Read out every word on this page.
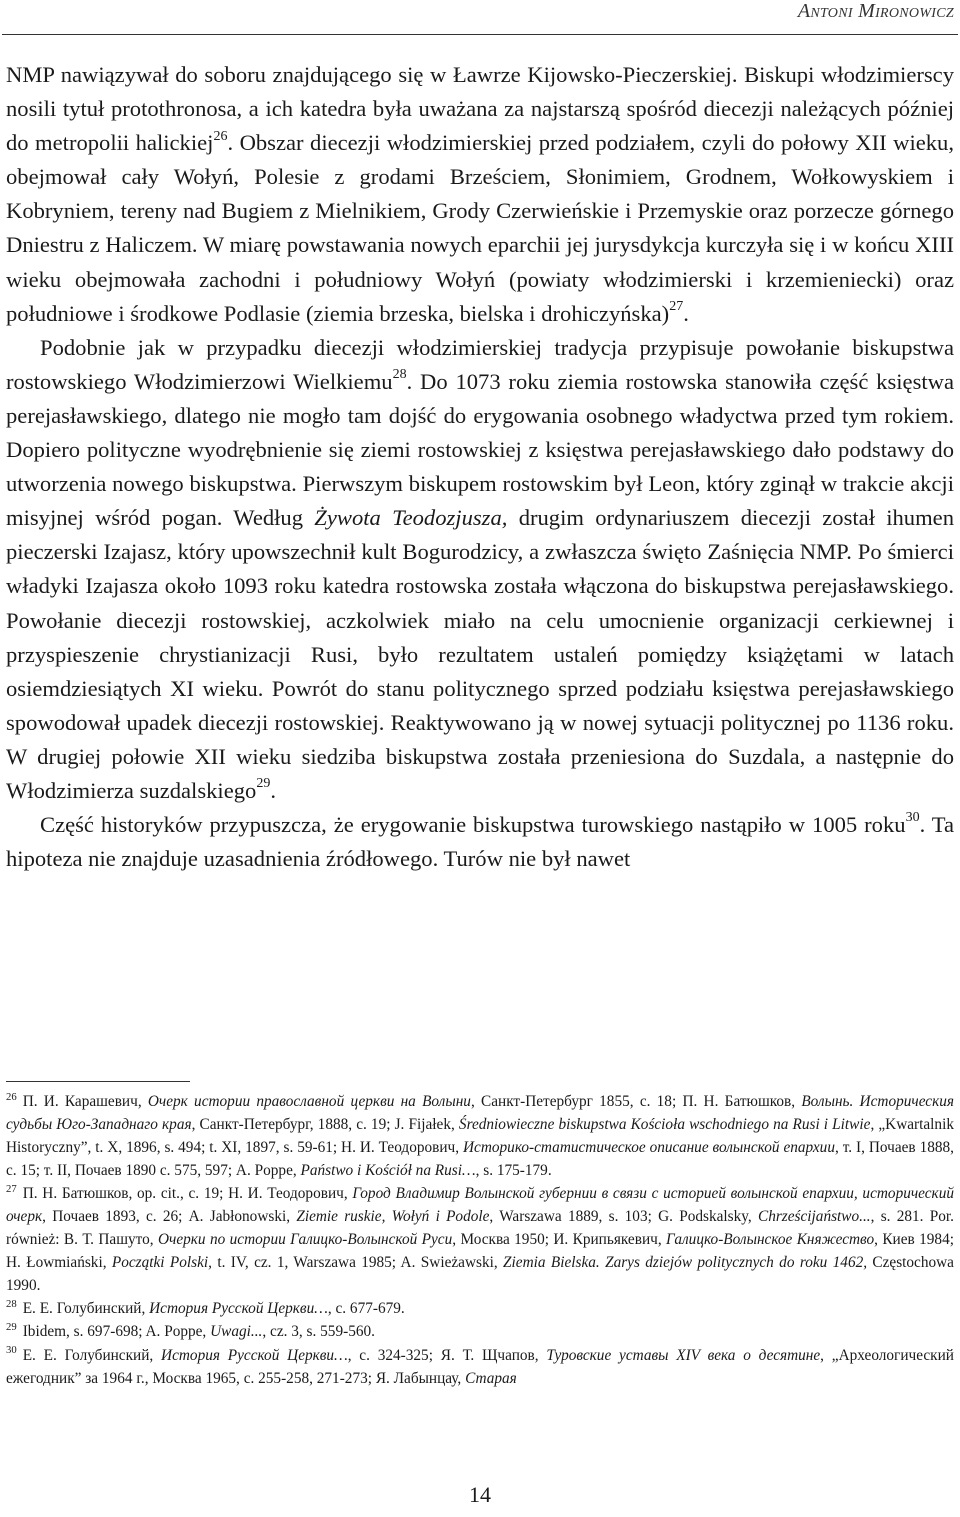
Antoni Mironowicz

NMP nawiązywał do soboru znajdującego się w Ławrze Kijowsko-Pieczerskiej. Biskupi włodzimierscy nosili tytuł protothronosa, a ich katedra była uważana za najstarszą spośród diecezji należących później do metropolii halickiej$^{26}$. Obszar diecezji włodzimierskiej przed podziałem, czyli do połowy XII wieku, obejmował cały Wołyń, Polesie z grodami Brześciem, Słonimiem, Grodnem, Wołkowyskiem i Kobryniem, tereny nad Bugiem z Mielnikiem, Grody Czerwieńskie i Przemyskie oraz porzecze górnego Dniestru z Haliczem. W miarę powstawania nowych eparchii jej jurysdykcja kurczyła się i w końcu XIII wieku obejmowała zachodni i południowy Wołyń (powiaty włodzimierski i krzemieniecki) oraz południowe i środkowe Podlasie (ziemia brzeska, bielska i drohiczyńska)$^{27}$.

Podobnie jak w przypadku diecezji włodzimierskiej tradycja przypisuje powołanie biskupstwa rostowskiego Włodzimierzowi Wielkiemu$^{28}$. Do 1073 roku ziemia rostowska stanowiła część księstwa perejasławskiego, dlatego nie mogło tam dojść do erygowania osobnego władyctwa przed tym rokiem. Dopiero polityczne wyodrębnienie się ziemi rostowskiej z księstwa perejasławskiego dało podstawy do utworzenia nowego biskupstwa. Pierwszym biskupem rostowskim był Leon, który zginął w trakcie akcji misyjnej wśród pogan. Według Żywota Teodozjusza, drugim ordynariuszem diecezji został ihumen pieczerski Izajasz, który upowszechnił kult Bogurodzicy, a zwłaszcza święto Zaśnięcia NMP. Po śmierci władyki Izajasza około 1093 roku katedra rostowska została włączona do biskupstwa perejasławskiego. Powołanie diecezji rostowskiej, aczkolwiek miało na celu umocnienie organizacji cerkiewnej i przyspieszenie chrystianizacji Rusi, było rezultatem ustaleń pomiędzy książętami w latach osiemdziesiątych XI wieku. Powrót do stanu politycznego sprzed podziału księstwa perejasławskiego spowodował upadek diecezji rostowskiej. Reaktywowano ją w nowej sytuacji politycznej po 1136 roku. W drugiej połowie XII wieku siedziba biskupstwa została przeniesiona do Suzdala, a następnie do Włodzimierza suzdalskiego$^{29}$.

Część historyków przypuszcza, że erygowanie biskupstwa turowskiego nastąpiło w 1005 roku$^{30}$. Ta hipoteza nie znajduje uzasadnienia źródłowego. Turów nie był nawet

$^{26}$ П. И. Карашевич, Очерк истории православной церкви на Волыни, Санкт-Петербург 1855, с. 18; П. Н. Батюшков, Волынь. Историческия судьбы Юго-Западнаго края, Санкт-Петербург, 1888, с. 19; J. Fijałek, Średniowieczne biskupstwa Kościoła wschodniego na Rusi i Litwie, „Kwartalnik Historyczny”, t. X, 1896, s. 494; t. XI, 1897, s. 59-61; Н. И. Теодорович, Историко-статистическое описание волынской епархии, т. I, Почаев 1888, с. 15; т. II, Почаев 1890 с. 575, 597; A. Poppe, Państwo i Kościół na Rusi…, s. 175-179.

$^{27}$ П. Н. Батюшков, op. cit., с. 19; Н. И. Теодорович, Город Владимир Волынской губернии в связи с историей волынской епархии, исторический очерк, Почаев 1893, с. 26; A. Jabłonowski, Ziemie ruskie, Wołyń i Podole, Warszawa 1889, s. 103; G. Podskalsky, Chrześcijaństwo..., s. 281. Por. również: В. Т. Пашуто, Очерки по истории Галицко-Волынской Руси, Москва 1950; И. Крипьякевич, Галицко-Волынское Княжество, Киев 1984; H. Łowmiański, Początki Polski, t. IV, cz. 1, Warszawa 1985; A. Swieżawski, Ziemia Bielska. Zarys dziejów politycznych do roku 1462, Częstochowa 1990.

$^{28}$ Е. Е. Голубинский, История Русской Церкви…, с. 677-679.

$^{29}$ Ibidem, s. 697-698; A. Poppe, Uwagi..., cz. 3, s. 559-560.

$^{30}$ Е. Е. Голубинский, История Русской Церкви…, с. 324-325; Я. Т. Щчапов, Туровские уставы XIV века о десятине, „Археологический ежегодник” за 1964 г., Москва 1965, с. 255-258, 271-273; Я. Лабынцау, Старая

14
